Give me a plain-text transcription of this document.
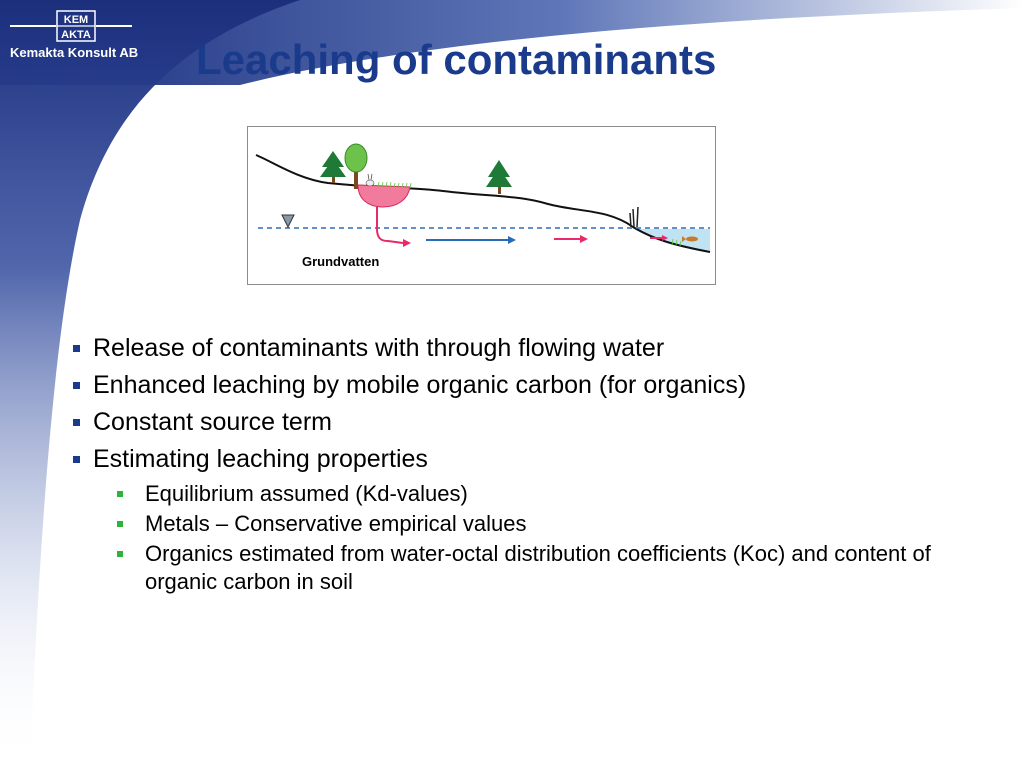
KEM
AKTA
Kemakta Konsult AB Leaching of contaminants
Grundvatten
Release of contaminants with through flowing water
Enhanced leaching by mobile organic carbon (for organics)
Constant source term
Estimating leaching properties
Equilibrium assumed (Kd-values)
Metals – Conservative empirical values
Organics estimated from water-octal distribution coefficients (Koc) and content of organic carbon in soil
